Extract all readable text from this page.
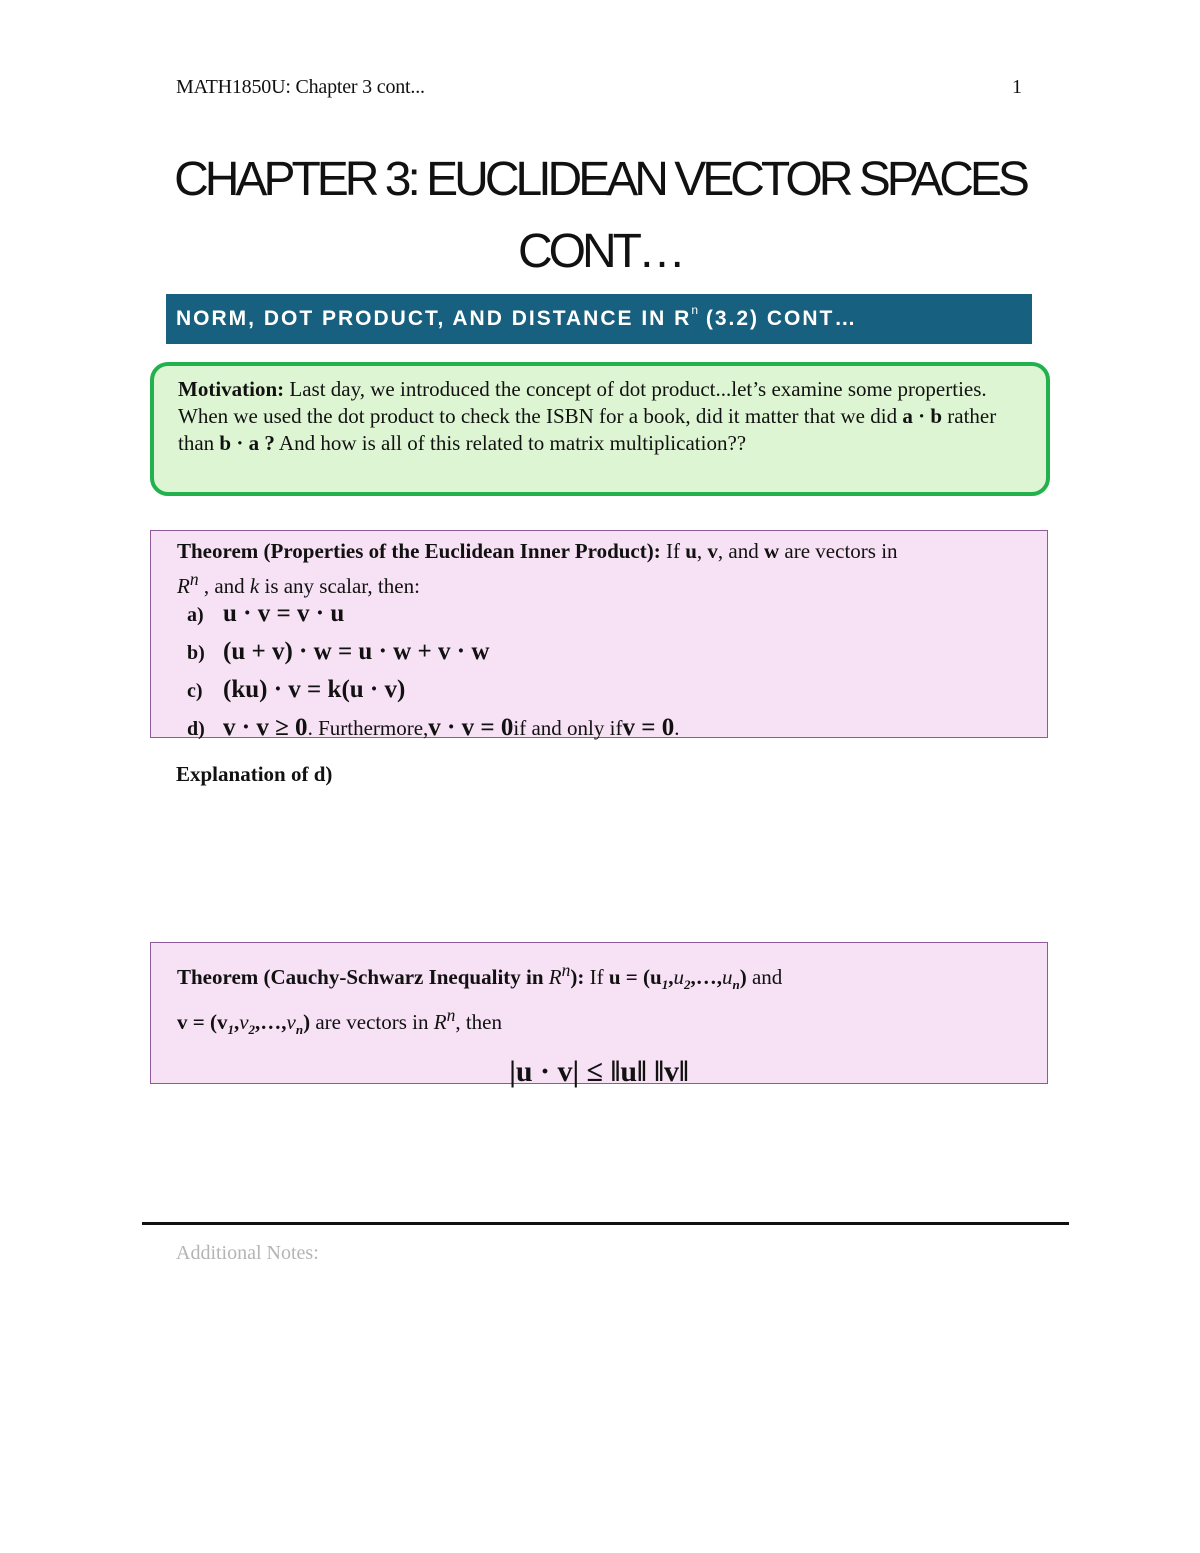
MATH1850U: Chapter 3 cont...	1
CHAPTER 3: EUCLIDEAN VECTOR SPACES
CONT…
NORM, DOT PRODUCT, AND DISTANCE IN $R^n$ (3.2) CONT…
Motivation: Last day, we introduced the concept of dot product...let’s examine some properties. When we used the dot product to check the ISBN for a book, did it matter that we did a · b rather than b · a ? And how is all of this related to matrix multiplication??
Theorem (Properties of the Euclidean Inner Product): If u, v, and w are vectors in
$R^n$ , and k is any scalar, then:
a) u · v = v · u
b) (u + v) · w = u · w + v · w
c) (ku) · v = k(u · v)
d) v · v ≥ 0 . Furthermore, v · v = 0 if and only if v = 0 .
Explanation of d)
Theorem (Cauchy-Schwarz Inequality in $R^n$): If $u = (u_1,u_2,\dots,u_n)$ and
$v = (v_1,v_2,\dots,v_n)$ are vectors in $R^n$, then
|u · v| ≤ ‖u‖ ‖v‖
Additional Notes:
